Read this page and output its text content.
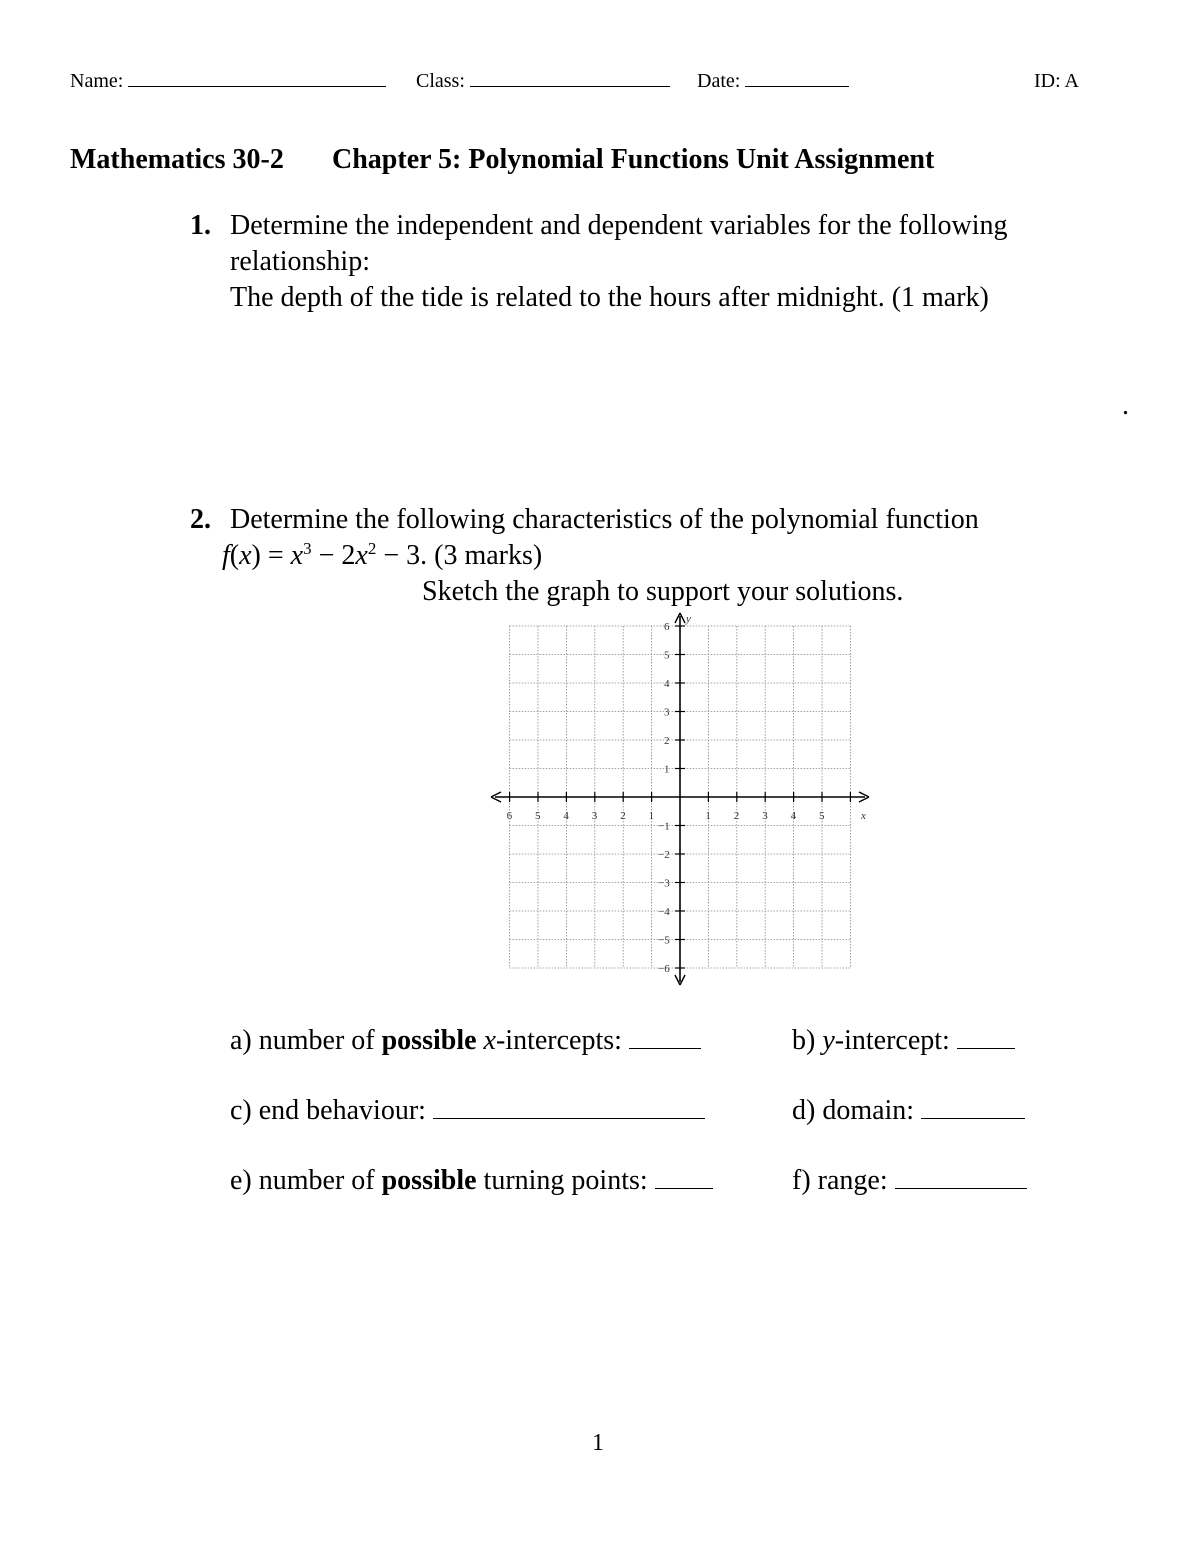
Name:	Class:	Date:	ID: A
Mathematics 30-2 Chapter 5: Polynomial Functions Unit Assignment
1. Determine the independent and dependent variables for the following
relationship:
The depth of the tide is related to the hours after midnight. (1 mark)
.
2. Determine the following characteristics of the polynomial function
$f(x) = x^3 - 2x^2 - 3$. (3 marks)
Sketch the graph to support your solutions.
6 5 4 3 2 1	1 2 3 4 5
1
2
3
4
5
6
−1
−2
−3
−4
−5
−6
x
y
a) number of possible x-intercepts:	b) y-intercept:
c) end behaviour:	d) domain:
e) number of possible turning points:	f) range:
1
